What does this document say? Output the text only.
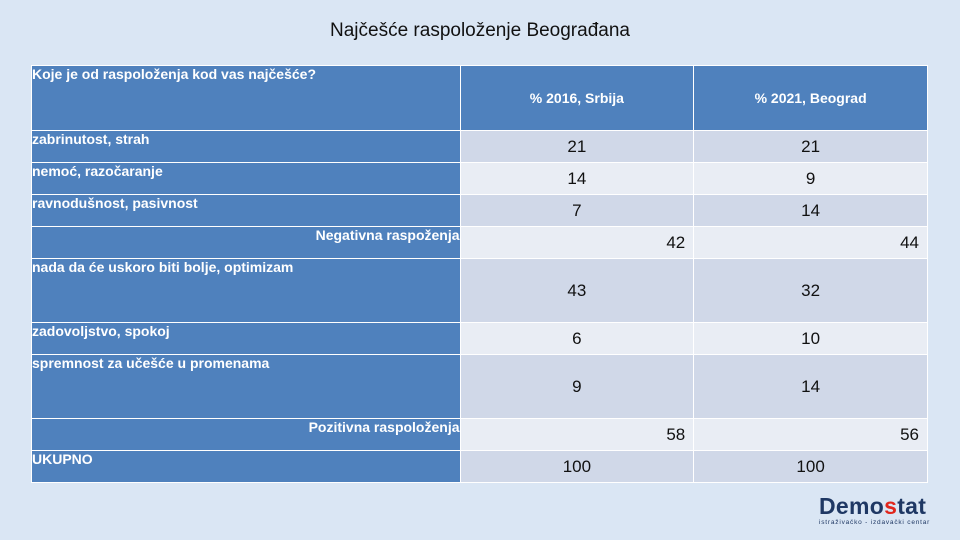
Najčešće raspoloženje Beograđana
Koje je od raspoloženja kod vas najčešće?	% 2016, Srbija	% 2021, Beograd
zabrinutost, strah	21	21
nemoć, razočaranje	14	9
ravnodušnost, pasivnost	7	14
Negativna raspoženja	42	44
nada da će uskoro biti bolje, optimizam	43	32
zadovoljstvo, spokoj	6	10
spremnost za učešće u promenama	9	14
Pozitivna raspoloženja	58	56
UKUPNO	100	100
Demostat
istraživačko - izdavački centar
